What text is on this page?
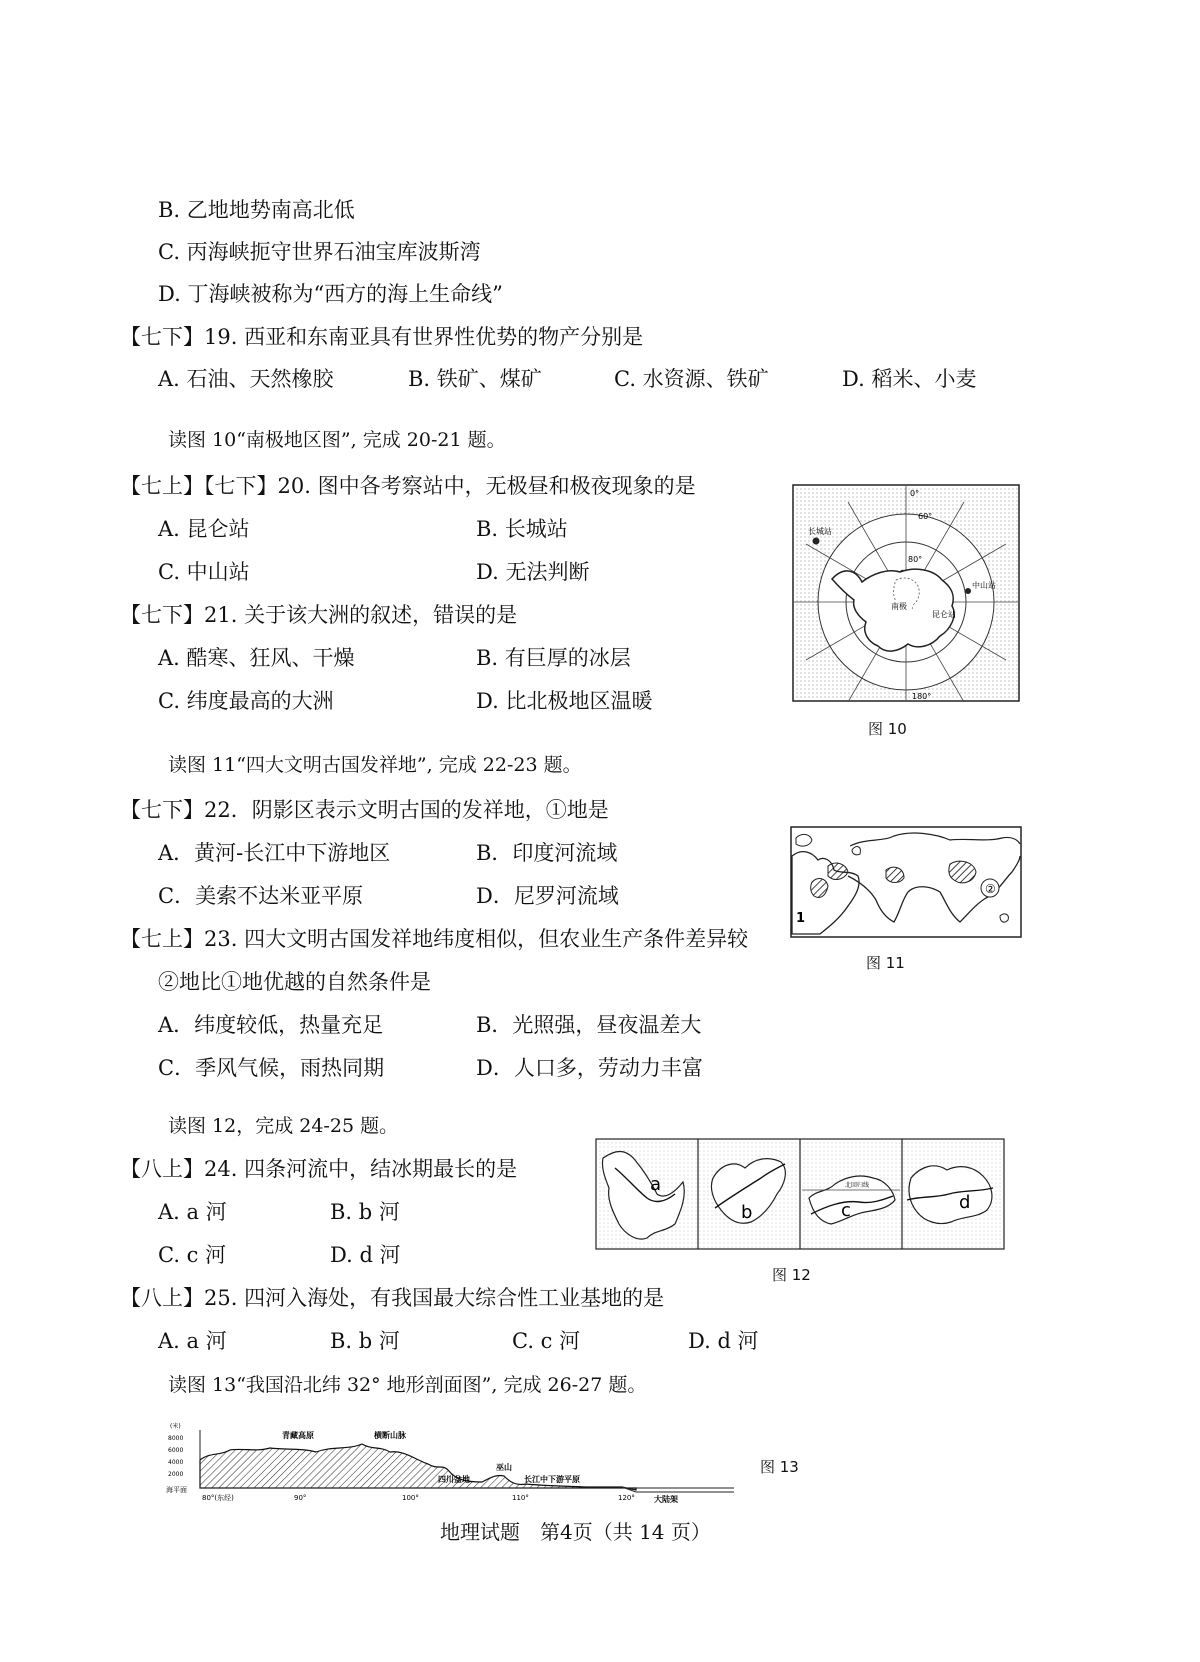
B. 乙地地势南高北低
C. 丙海峡扼守世界石油宝库波斯湾
D. 丁海峡被称为“西方的海上生命线”
【七下】19. 西亚和东南亚具有世界性优势的物产分别是
A. 石油、天然橡胶	B. 铁矿、煤矿	C. 水资源、铁矿	D. 稻米、小麦
读图 10“南极地区图”, 完成 20-21 题。
【七上】【七下】20. 图中各考察站中，无极昼和极夜现象的是
A. 昆仑站	B. 长城站
C. 中山站	D. 无法判断
【七下】21. 关于该大洲的叙述，错误的是
A. 酷寒、狂风、干燥	B. 有巨厚的冰层
C. 纬度最高的大洲	D. 比北极地区温暖
0°
180°
60°
80°
长城站
中山站
昆仑站
南极
图 10
读图 11“四大文明古国发祥地”, 完成 22-23 题。
【七下】22．阴影区表示文明古国的发祥地，①地是
A．黄河-长江中下游地区	B．印度河流域
C．美索不达米亚平原	D．尼罗河流域	②
1
图 11
【七上】23. 四大文明古国发祥地纬度相似，但农业生产条件差异较
②地比①地优越的自然条件是
A．纬度较低，热量充足	B．光照强，昼夜温差大
C．季风气候，雨热同期	D．人口多，劳动力丰富
读图 12，完成 24-25 题。
【八上】24. 四条河流中，结冰期最长的是
A. a 河	B. b 河
C. c 河	D. d 河
a
b
北回归线
c	d
图 12
【八上】25. 四河入海处，有我国最大综合性工业基地的是
A. a 河	B. b 河	C. c 河	D. d 河
读图 13“我国沿北纬 32° 地形剖面图”, 完成 26-27 题。
(米)
8000
6000
4000
2000
海平面
青藏高原	横断山脉
四川盆地
巫山
长江中下游平原
大陆架
80°(东经)	90°	100°	110°	120°
图 13
地理试题　第4页（共 14 页）
